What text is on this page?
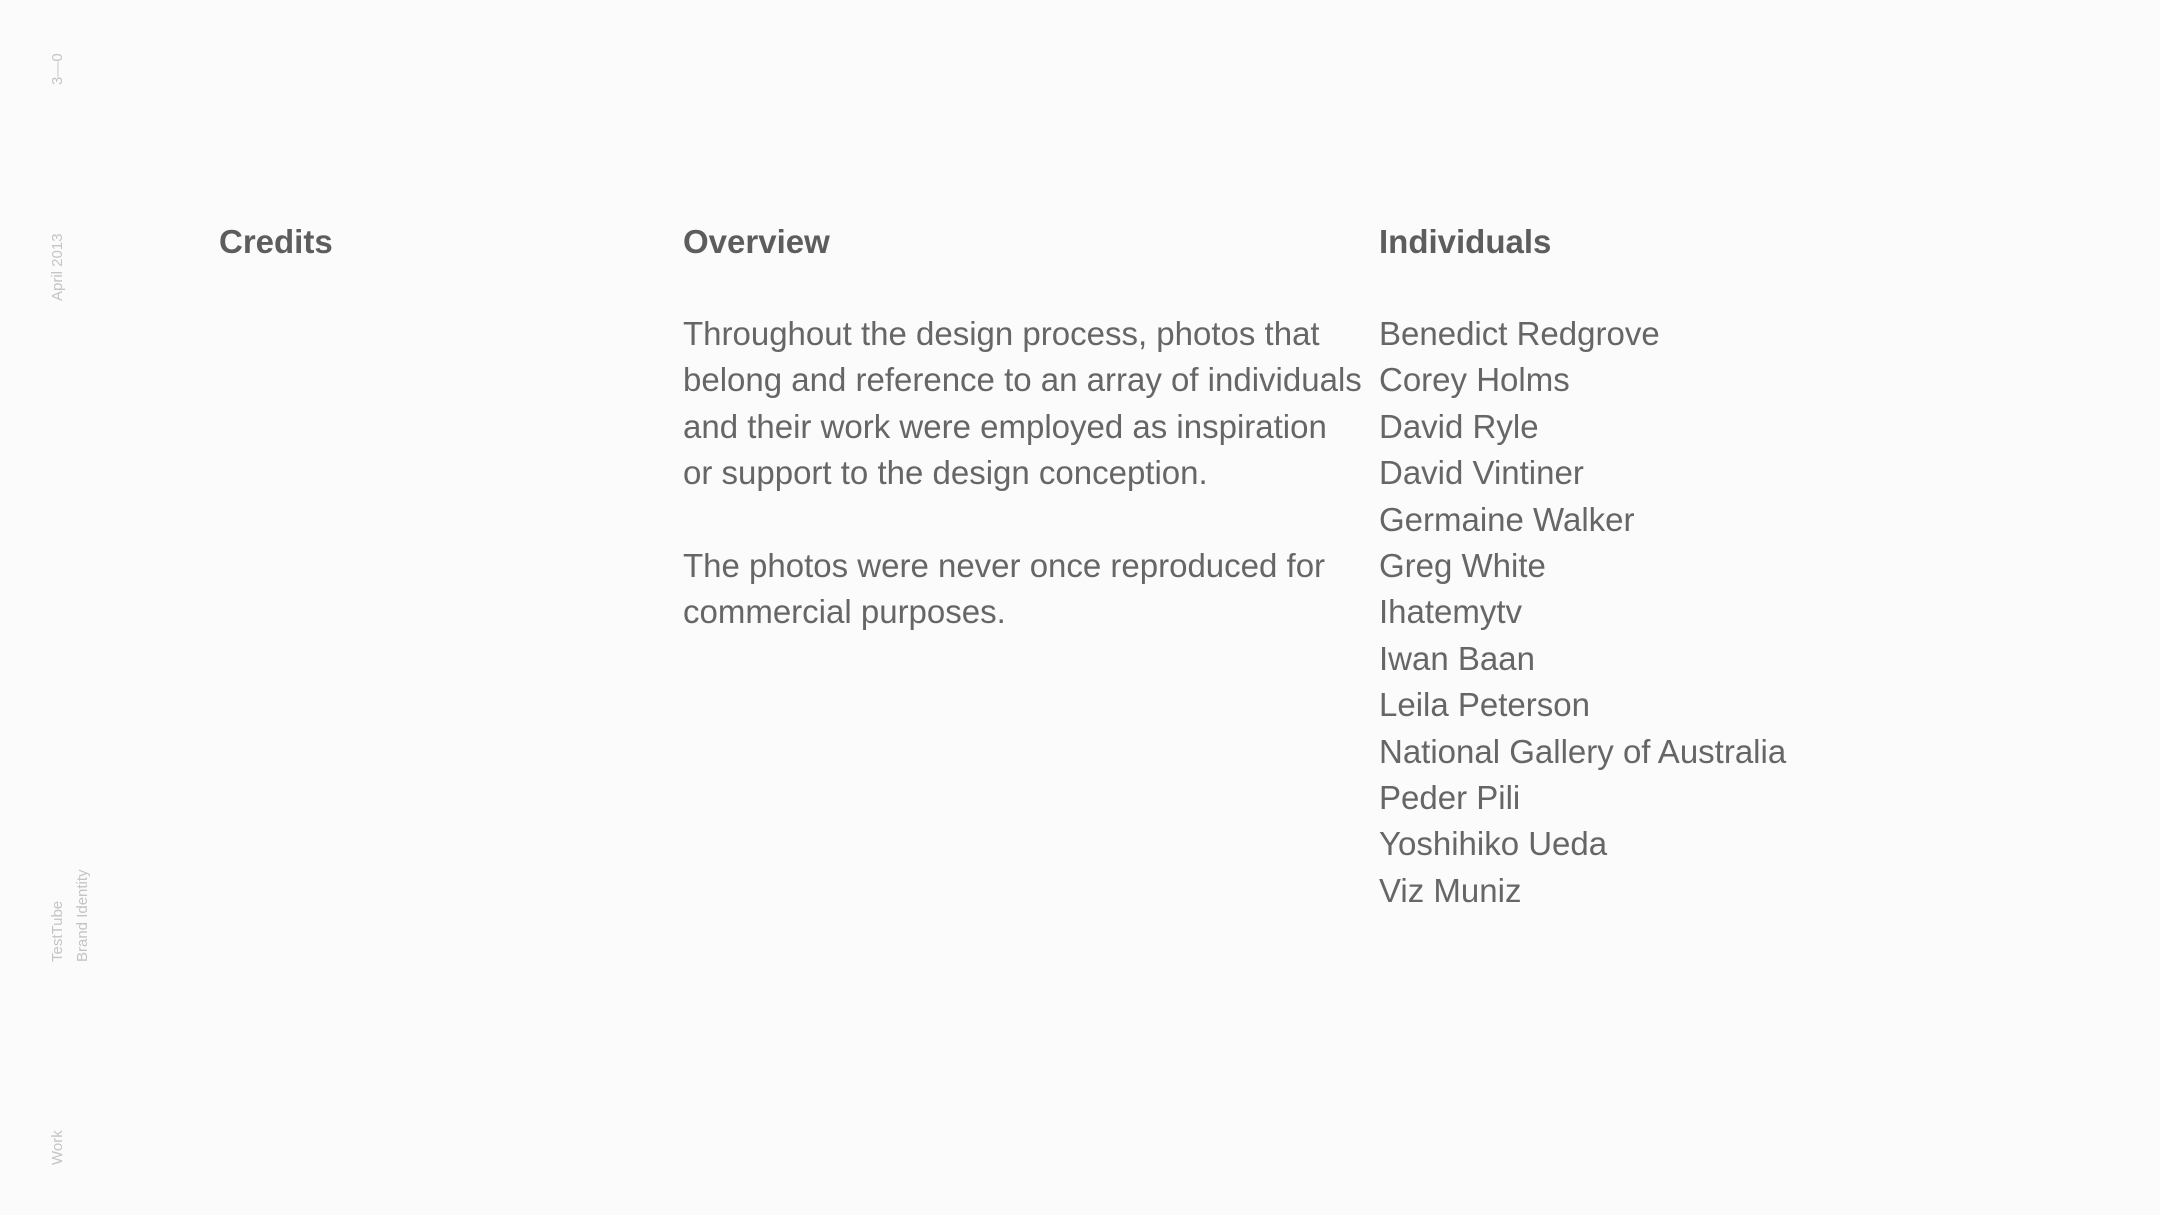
3—0
April 2013
TestTube Brand Identity
Work
Credits	Overview	Individuals

Throughout the design process, photos that belong and reference to an array of individuals and their work were employed as inspiration or support to the design conception.

The photos were never once reproduced for commercial purposes.

Benedict Redgrove
Corey Holms
David Ryle
David Vintiner
Germaine Walker
Greg White
Ihatemytv
Iwan Baan
Leila Peterson
National Gallery of Australia
Peder Pili
Yoshihiko Ueda
Viz Muniz
